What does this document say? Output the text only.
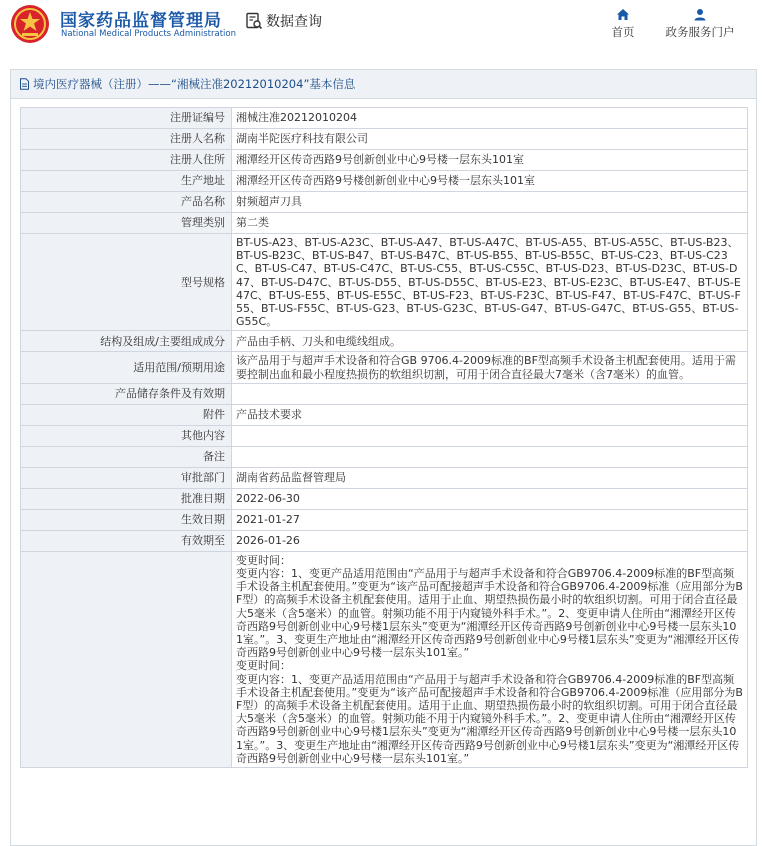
国家药品监督管理局
National Medical Products Administration
数据查询
首页	政务服务门户
境内医疗器械（注册）——“湘械注准20212010204”基本信息
注册证编号	湘械注准20212010204
注册人名称	湖南半陀医疗科技有限公司
注册人住所	湘潭经开区传奇西路9号创新创业中心9号楼一层东头101室
生产地址	湘潭经开区传奇西路9号楼创新创业中心9号楼一层东头101室
产品名称	射频超声刀具
管理类别	第二类
型号规格	BT-US-A23、BT-US-A23C、BT-US-A47、BT-US-A47C、BT-US-A55、BT-US-A55C、BT-US-B23、BT-US-B23C、BT-US-B47、BT-US-B47C、BT-US-B55、BT-US-B55C、BT-US-C23、BT-US-C23C、BT-US-C47、BT-US-C47C、BT-US-C55、BT-US-C55C、BT-US-D23、BT-US-D23C、BT-US-D47、BT-US-D47C、BT-US-D55、BT-US-D55C、BT-US-E23、BT-US-E23C、BT-US-E47、BT-US-E47C、BT-US-E55、BT-US-E55C、BT-US-F23、BT-US-F23C、BT-US-F47、BT-US-F47C、BT-US-F55、BT-US-F55C、BT-US-G23、BT-US-G23C、BT-US-G47、BT-US-G47C、BT-US-G55、BT-US-G55C。
结构及组成/主要组成成分	产品由手柄、刀头和电缆线组成。
适用范围/预期用途	该产品用于与超声手术设备和符合GB 9706.4-2009标准的BF型高频手术设备主机配套使用。适用于需要控制出血和最小程度热损伤的软组织切割，可用于闭合直径最大7毫米（含7毫米）的血管。
产品储存条件及有效期	
附件	产品技术要求
其他内容	
备注	
审批部门	湖南省药品监督管理局
批准日期	2022-06-30
生效日期	2021-01-27
有效期至	2026-01-26

	变更时间：
变更内容：1、变更产品适用范围由“产品用于与超声手术设备和符合GB9706.4-2009标准的BF型高频手术设备主机配套使用。”变更为“该产品可配接超声手术设备和符合GB9706.4-2009标准（应用部分为BF型）的高频手术设备主机配套使用。适用于止血、期望热损伤最小时的软组织切割。可用于闭合直径最大5毫米（含5毫米）的血管。射频功能不用于内窥镜外科手术。”。2、变更申请人住所由“湘潭经开区传奇西路9号创新创业中心9号楼1层东头”变更为“湘潭经开区传奇西路9号创新创业中心9号楼一层东头101室。”。3、变更生产地址由“湘潭经开区传奇西路9号创新创业中心9号楼1层东头”变更为“湘潭经开区传奇西路9号创新创业中心9号楼一层东头101室。”
变更时间：
变更内容：1、变更产品适用范围由“产品用于与超声手术设备和符合GB9706.4-2009标准的BF型高频手术设备主机配套使用。”变更为“该产品可配接超声手术设备和符合GB9706.4-2009标准（应用部分为BF型）的高频手术设备主机配套使用。适用于止血、期望热损伤最小时的软组织切割。可用于闭合直径最大5毫米（含5毫米）的血管。射频功能不用于内窥镜外科手术。”。2、变更申请人住所由“湘潭经开区传奇西路9号创新创业中心9号楼1层东头”变更为“湘潭经开区传奇西路9号创新创业中心9号楼一层东头101室。”。3、变更生产地址由“湘潭经开区传奇西路9号创新创业中心9号楼1层东头”变更为“湘潭经开区传奇西路9号创新创业中心9号楼一层东头101室。”
